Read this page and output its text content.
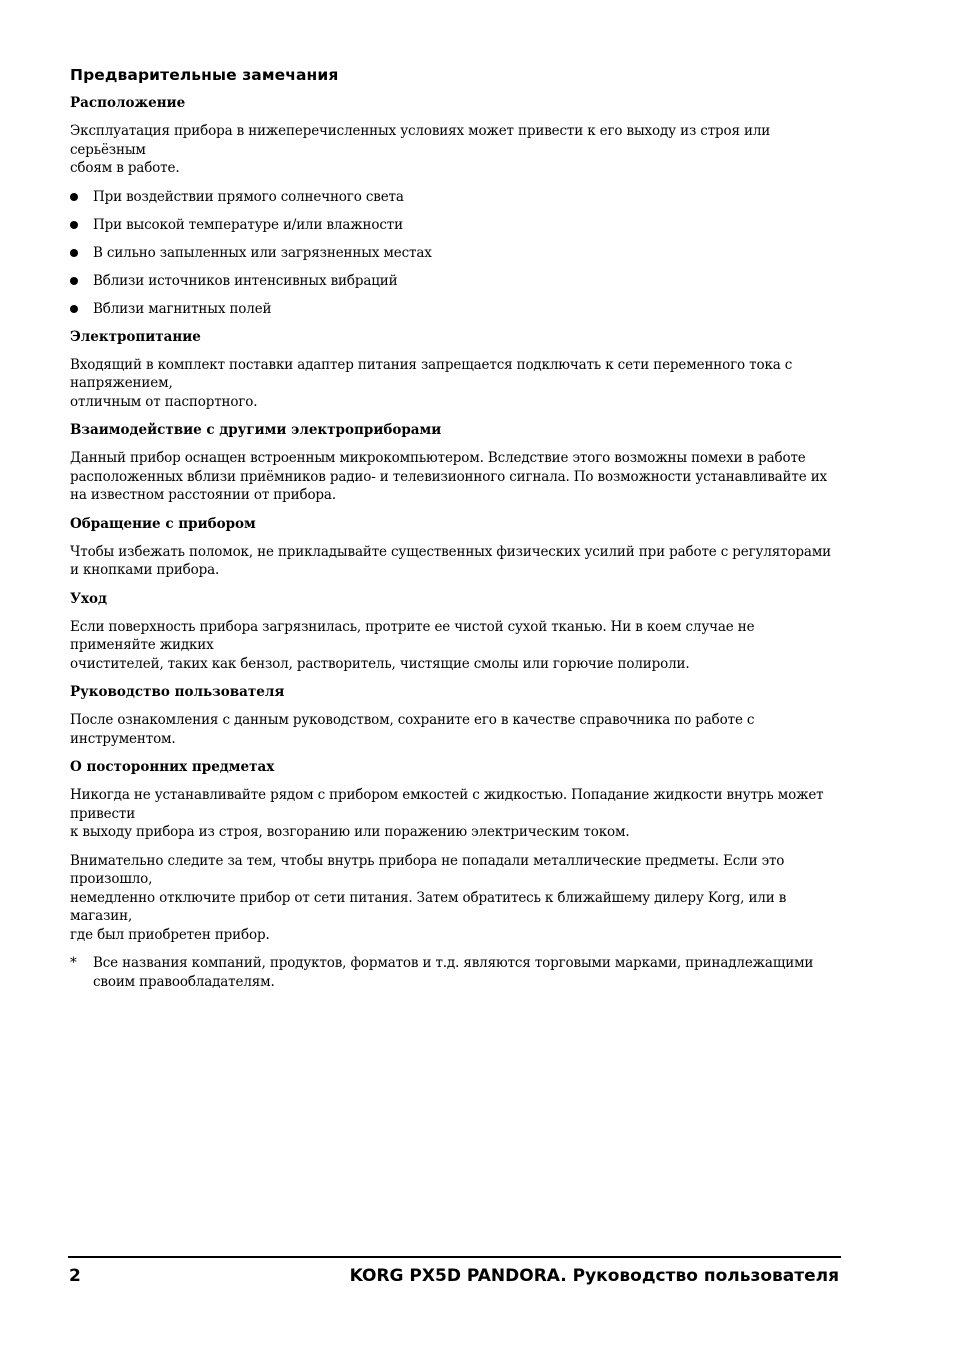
Предварительные замечания
Расположение
Эксплуатация прибора в нижеперечисленных условиях может привести к его выходу из строя или серьёзным
сбоям в работе.
При воздействии прямого солнечного света
При высокой температуре и/или влажности
В сильно запыленных или загрязненных местах
Вблизи источников интенсивных вибраций
Вблизи магнитных полей
Электропитание
Входящий в комплект поставки адаптер питания запрещается подключать к сети переменного тока с напряжением,
отличным от паспортного.
Взаимодействие с другими электроприборами
Данный прибор оснащен встроенным микрокомпьютером. Вследствие этого возможны помехи в работе
расположенных вблизи приёмников радио- и телевизионного сигнала. По возможности устанавливайте их
на известном расстоянии от прибора.
Обращение с прибором
Чтобы избежать поломок, не прикладывайте существенных физических усилий при работе с регуляторами
и кнопками прибора.
Уход
Если поверхность прибора загрязнилась, протрите ее чистой сухой тканью. Ни в коем случае не применяйте жидких
очистителей, таких как бензол, растворитель, чистящие смолы или горючие полироли.
Руководство пользователя
После ознакомления с данным руководством, сохраните его в качестве справочника по работе с инструментом.
О посторонних предметах
Никогда не устанавливайте рядом с прибором емкостей с жидкостью. Попадание жидкости внутрь может привести
к выходу прибора из строя, возгоранию или поражению электрическим током.
Внимательно следите за тем, чтобы внутрь прибора не попадали металлические предметы. Если это произошло,
немедленно отключите прибор от сети питания. Затем обратитесь к ближайшему дилеру Korg, или в магазин,
где был приобретен прибор.
* Все названия компаний, продуктов, форматов и т.д. являются торговыми марками, принадлежащими
своим правообладателям.
2	KORG PX5D PANDORA. Руководство пользователя
